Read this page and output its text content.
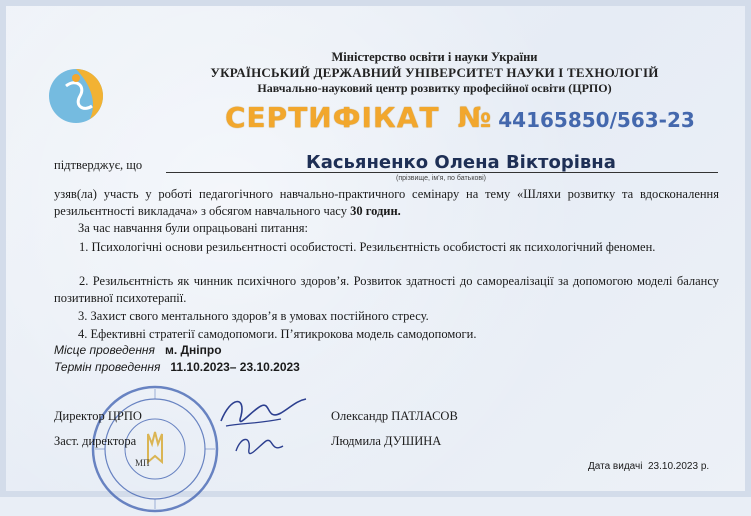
Міністерство освіти і науки України
УКРАЇНСЬКИЙ ДЕРЖАВНИЙ УНІВЕРСИТЕТ НАУКИ І ТЕХНОЛОГІЙ
Навчально-науковий центр розвитку професійної освіти (ЦРПО)
СЕРТИФІКАТ № 44165850/563-23
підтверджує, що	Касьяненко Олена Вікторівна
(прізвище, ім'я, по батькові)
узяв(ла) участь у роботі педагогічного навчально-практичного семінару на тему «Шляхи розвитку та вдосконалення резильєнтності викладача» з обсягом навчального часу 30 годин.
За час навчання були опрацьовані питання:
1. Психологічні основи резильєнтності особистості. Резильєнтність особистості як психологічний феномен.
2. Резильєнтність як чинник психічного здоров’я. Розвиток здатності до самореалізації за допомогою моделі балансу позитивної психотерапії.
3. Захист свого ментального здоров’я в умовах постійного стресу.
4. Ефективні стратегії самодопомоги. П’ятикрокова модель самодопомоги.
Місце проведення м. Дніпро
Термін проведення 11.10.2023– 23.10.2023
МП
Директор ЦРПО	Олександр ПАТЛАСОВ
Заст. директора	Людмила ДУШИНА
Дата видачі 23.10.2023 р.
